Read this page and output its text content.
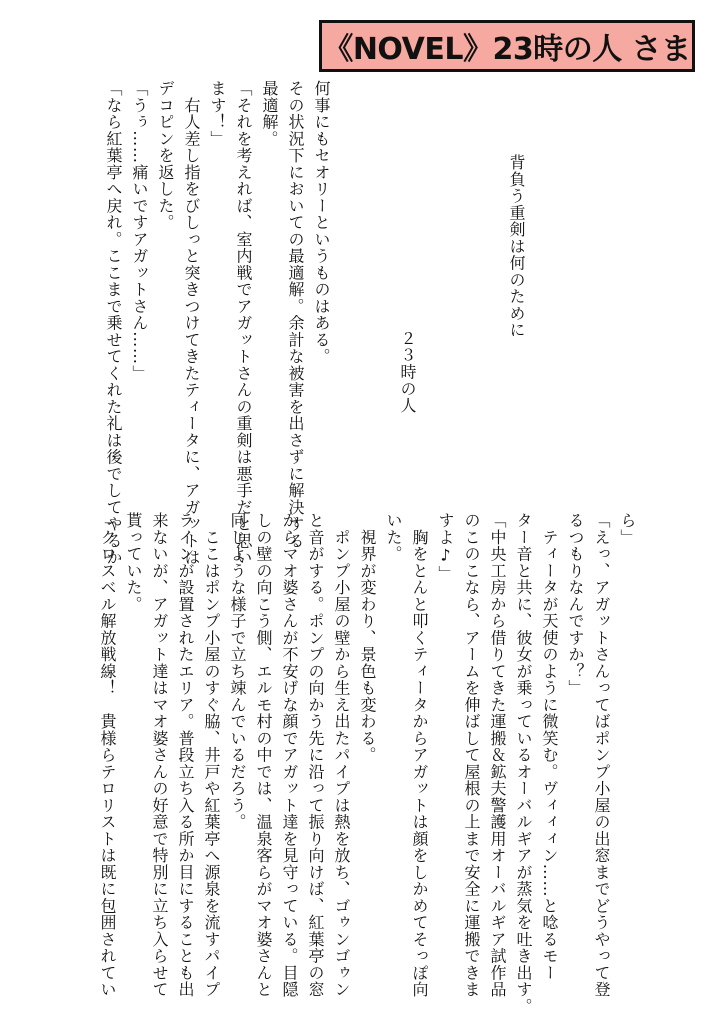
《NOVEL》23時の人 さま
背負う重剣は何のために
２３時の人
何事にもセオリーというものはある。
その状況下においての最適解。余計な被害を出さずに解決する
最適解。
「それを考えれば、室内戦でアガットさんの重剣は悪手だと思い
ます！」
　右人差し指をびしっと突きつけてきたティータに、アガットは
デコピンを返した。
「うぅ……痛いですアガットさん……」
「なら紅葉亭へ戻れ。ここまで乗せてくれた礼は後でしてやるか	ら」
「えっ、アガットさんってばポンプ小屋の出窓までどうやって登
るつもりなんですか？」
　ティータが天使のように微笑む。ヴィィィン……と唸るモー
ター音と共に、彼女が乗っているオーバルギアが蒸気を吐き出す。
「中央工房から借りてきた運搬＆鉱夫警護用オーバルギア試作品
のこのこなら、アームを伸ばして屋根の上まで安全に運搬できま
すよ♪」
　胸をとんと叩くティータからアガットは顔をしかめてそっぽ向
いた。
　視界が変わり、景色も変わる。
　ポンプ小屋の壁から生え出たパイプは熱を放ち、ゴゥンゴゥン
と音がする。ポンプの向かう先に沿って振り向けば、紅葉亭の窓
からマオ婆さんが不安げな顔でアガット達を見守っている。目隠
しの壁の向こう側、エルモ村の中では、温泉客らがマオ婆さんと
同じような様子で立ち竦んでいるだろう。
　ここはポンプ小屋のすぐ脇、井戸や紅葉亭へ源泉を流すパイプ
ラインが設置されたエリア。普段立ち入る所か目にすることも出
来ないが、アガット達はマオ婆さんの好意で特別に立ち入らせて
貰っていた。
「クロスベル解放戦線！　貴様らテロリストは既に包囲されてい
